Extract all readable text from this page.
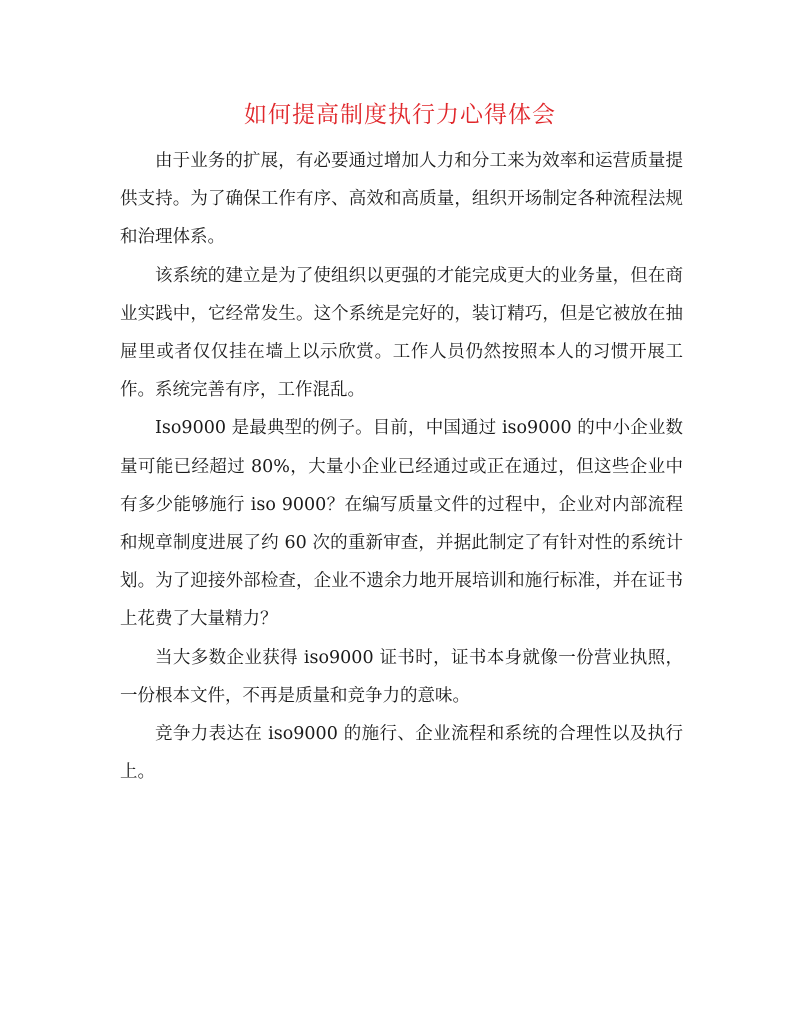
如何提高制度执行力心得体会

由于业务的扩展，有必要通过增加人力和分工来为效率和运营质量提供支持。为了确保工作有序、高效和高质量，组织开场制定各种流程法规和治理体系。

该系统的建立是为了使组织以更强的才能完成更大的业务量，但在商业实践中，它经常发生。这个系统是完好的，装订精巧，但是它被放在抽屉里或者仅仅挂在墙上以示欣赏。工作人员仍然按照本人的习惯开展工作。系统完善有序，工作混乱。

Iso9000 是最典型的例子。目前，中国通过 iso9000 的中小企业数量可能已经超过 80%，大量小企业已经通过或正在通过，但这些企业中有多少能够施行 iso 9000？在编写质量文件的过程中，企业对内部流程和规章制度进展了约 60 次的重新审查，并据此制定了有针对性的系统计划。为了迎接外部检查，企业不遗余力地开展培训和施行标准，并在证书上花费了大量精力？

当大多数企业获得 iso9000 证书时，证书本身就像一份营业执照，一份根本文件，不再是质量和竞争力的意味。

竞争力表达在 iso9000 的施行、企业流程和系统的合理性以及执行上。
